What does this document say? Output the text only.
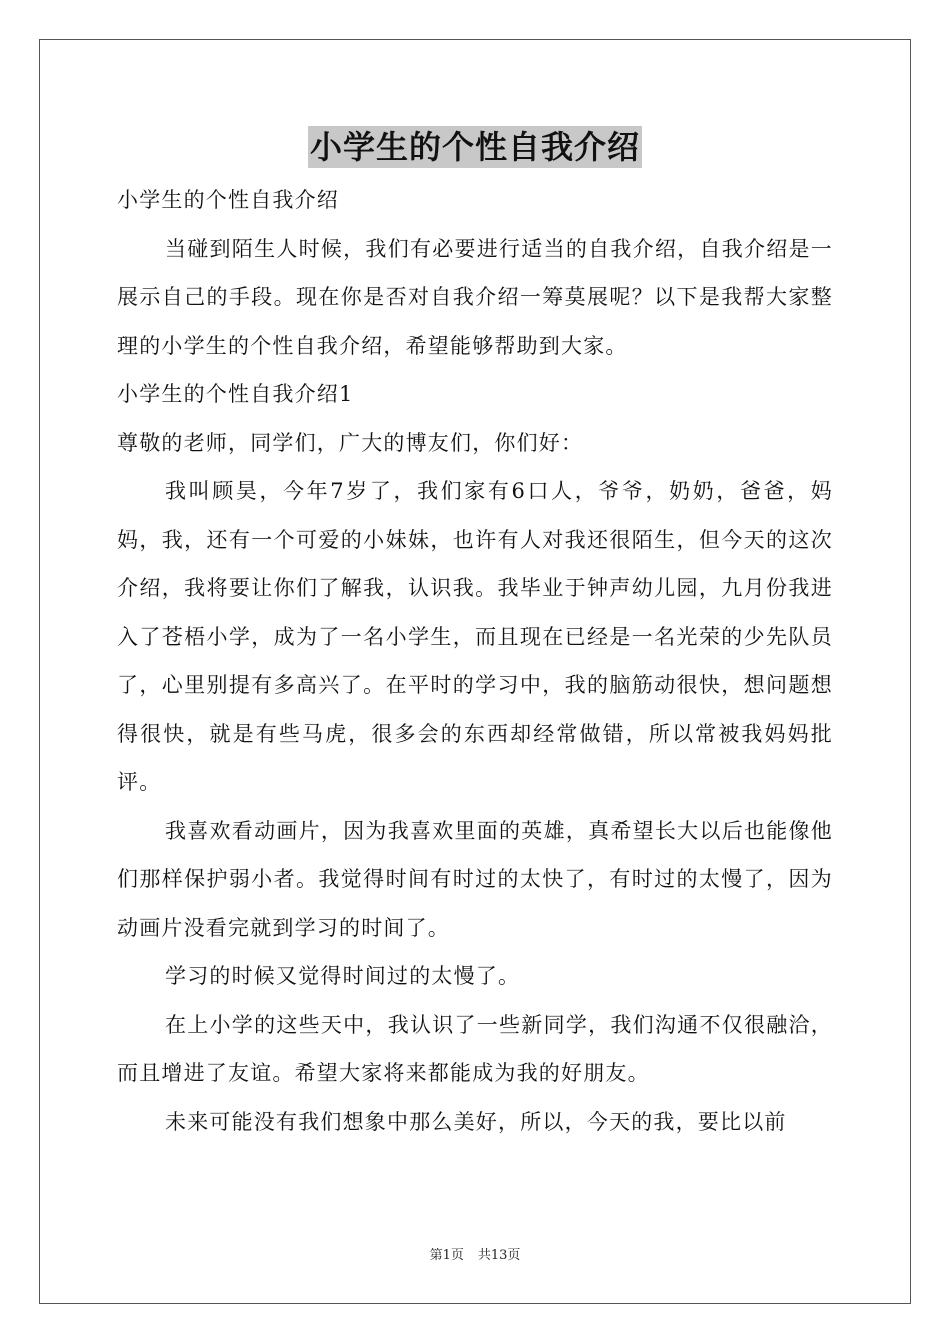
小学生的个性自我介绍

小学生的个性自我介绍

当碰到陌生人时候，我们有必要进行适当的自我介绍，自我介绍是一展示自己的手段。现在你是否对自我介绍一筹莫展呢？以下是我帮大家整理的小学生的个性自我介绍，希望能够帮助到大家。

小学生的个性自我介绍1

尊敬的老师，同学们，广大的博友们，你们好：

我叫顾昊，今年7岁了，我们家有6口人，爷爷，奶奶，爸爸，妈妈，我，还有一个可爱的小妹妹，也许有人对我还很陌生，但今天的这次介绍，我将要让你们了解我，认识我。我毕业于钟声幼儿园，九月份我进入了苍梧小学，成为了一名小学生，而且现在已经是一名光荣的少先队员了，心里别提有多高兴了。在平时的学习中，我的脑筋动很快，想问题想得很快，就是有些马虎，很多会的东西却经常做错，所以常被我妈妈批评。

我喜欢看动画片，因为我喜欢里面的英雄，真希望长大以后也能像他们那样保护弱小者。我觉得时间有时过的太快了，有时过的太慢了，因为动画片没看完就到学习的时间了。

学习的时候又觉得时间过的太慢了。

在上小学的这些天中，我认识了一些新同学，我们沟通不仅很融洽，而且增进了友谊。希望大家将来都能成为我的好朋友。

未来可能没有我们想象中那么美好，所以，今天的我，要比以前

第1页 共13页
